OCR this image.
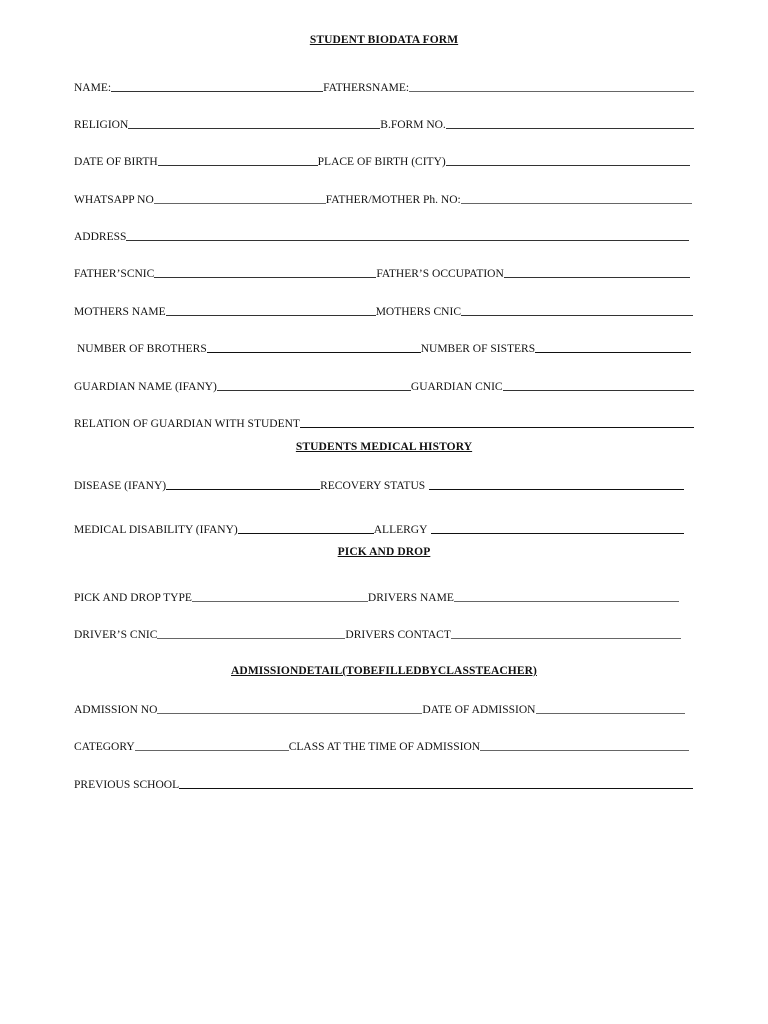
STUDENT BIODATA FORM
NAME:	FATHERSNAME:
RELIGION	B.FORM NO.
DATE OF BIRTH	PLACE OF BIRTH (CITY)
WHATSAPP NO	FATHER/MOTHER Ph. NO:
ADDRESS
FATHER’SCNIC	FATHER’S OCCUPATION
MOTHERS NAME	MOTHERS CNIC
NUMBER OF BROTHERS	NUMBER OF SISTERS
GUARDIAN NAME (IFANY)	GUARDIAN CNIC
RELATION OF GUARDIAN WITH STUDENT
STUDENTS MEDICAL HISTORY
DISEASE (IFANY)	RECOVERY STATUS
MEDICAL DISABILITY (IFANY)	ALLERGY
PICK AND DROP
PICK AND DROP TYPE	DRIVERS NAME
DRIVER’S CNIC	DRIVERS CONTACT
ADMISSIONDETAIL(TOBEFILLEDBYCLASSTEACHER)
ADMISSION NO	DATE OF ADMISSION
CATEGORY	CLASS AT THE TIME OF ADMISSION
PREVIOUS SCHOOL
